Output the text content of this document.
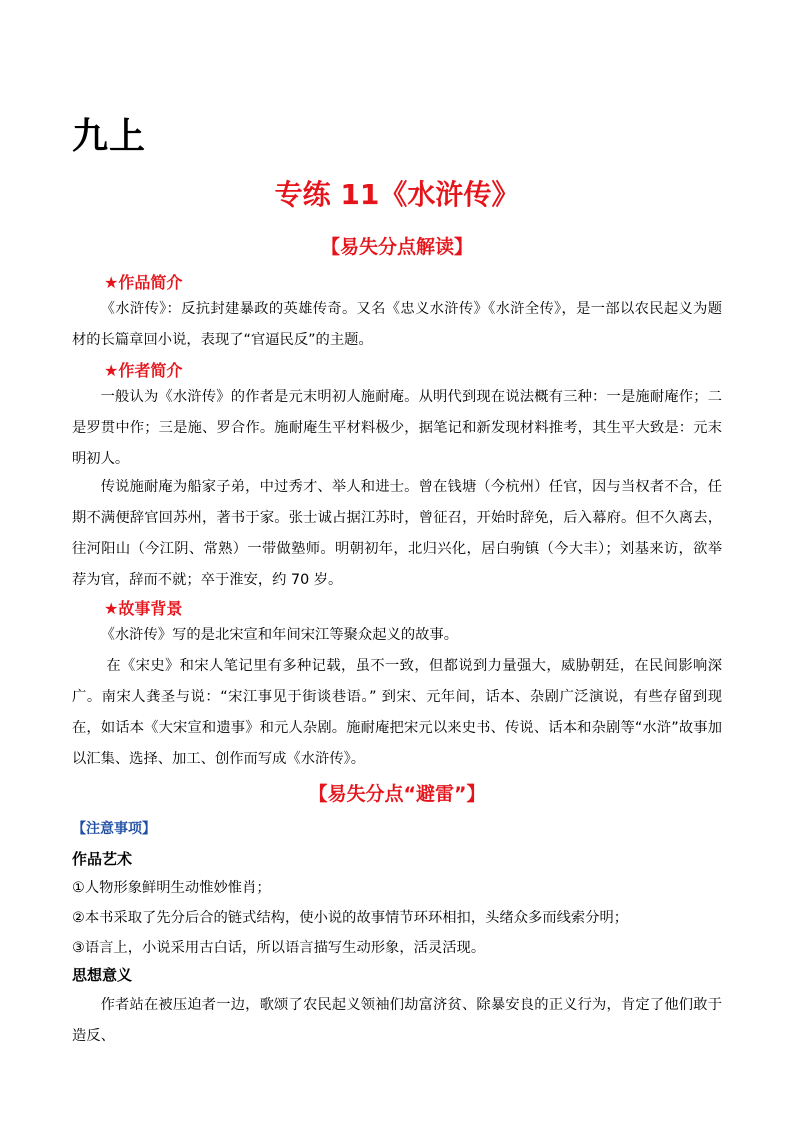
九上
专练 11《水浒传》
【易失分点解读】
★作品简介
《水浒传》：反抗封建暴政的英雄传奇。又名《忠义水浒传》《水浒全传》，是一部以农民起义为题材的长篇章回小说，表现了“官逼民反”的主题。
★作者简介
一般认为《水浒传》的作者是元末明初人施耐庵。从明代到现在说法概有三种：一是施耐庵作；二是罗贯中作；三是施、罗合作。施耐庵生平材料极少，据笔记和新发现材料推考，其生平大致是：元末明初人。
传说施耐庵为船家子弟，中过秀才、举人和进士。曾在钱塘（今杭州）任官，因与当权者不合，任期不满便辞官回苏州，著书于家。张士诚占据江苏时，曾征召，开始时辞免，后入幕府。但不久离去，往河阳山（今江阴、常熟）一带做塾师。明朝初年，北归兴化，居白驹镇（今大丰）；刘基来访，欲举荐为官，辞而不就；卒于淮安，约 70 岁。
★故事背景
《水浒传》写的是北宋宣和年间宋江等聚众起义的故事。
在《宋史》和宋人笔记里有多种记载，虽不一致，但都说到力量强大，威胁朝廷，在民间影响深广。南宋人龚圣与说：“宋江事见于街谈巷语。” 到宋、元年间，话本、杂剧广泛演说，有些存留到现在，如话本《大宋宣和遗事》和元人杂剧。施耐庵把宋元以来史书、传说、话本和杂剧等“水浒”故事加以汇集、选择、加工、创作而写成《水浒传》。
【易失分点“避雷”】
【注意事项】
作品艺术
①人物形象鲜明生动惟妙惟肖；
②本书采取了先分后合的链式结构，使小说的故事情节环环相扣，头绪众多而线索分明；
③语言上，小说采用古白话，所以语言描写生动形象，活灵活现。
思想意义
作者站在被压迫者一边，歌颂了农民起义领袖们劫富济贫、除暴安良的正义行为，肯定了他们敢于造反、
